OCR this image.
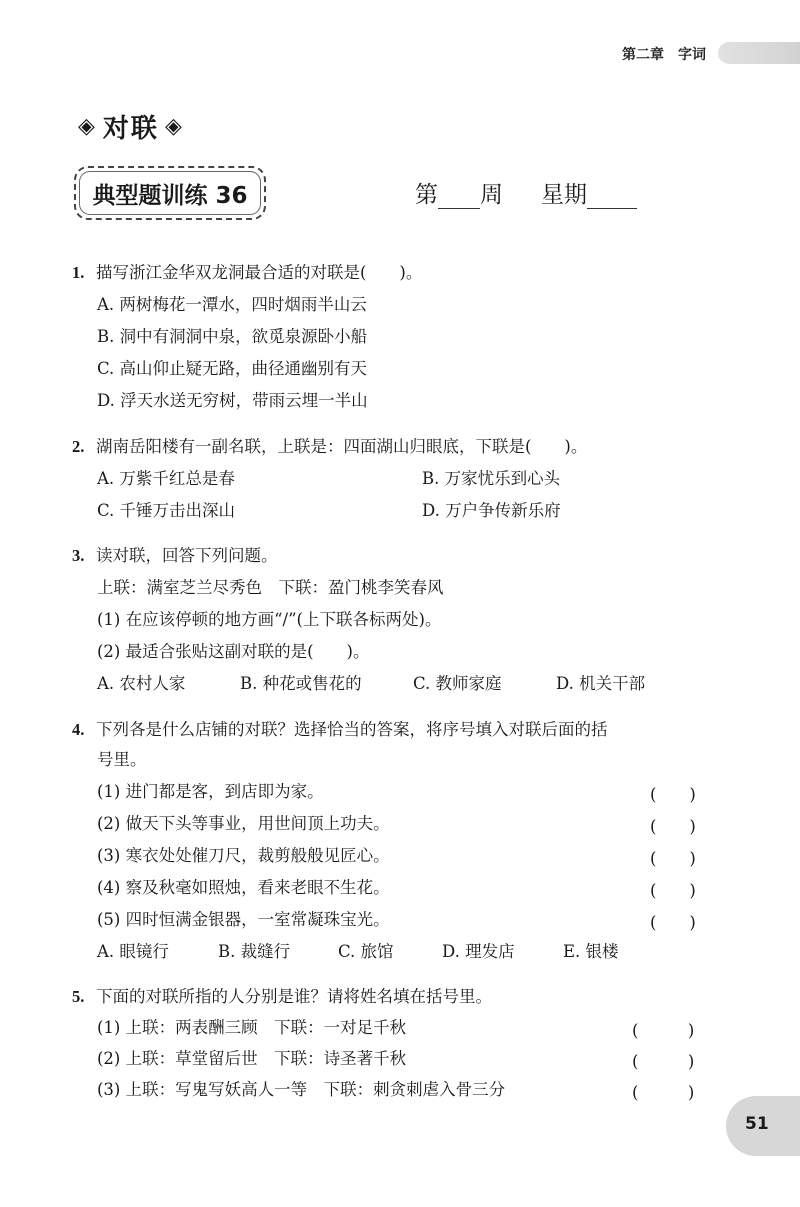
第二章　字词
◈ 对联 ◈
典型题训练 36	第 周 星期
1. 描写浙江金华双龙洞最合适的对联是(　　)。
A. 两树梅花一潭水，四时烟雨半山云
B. 洞中有洞洞中泉，欲觅泉源卧小船
C. 高山仰止疑无路，曲径通幽别有天
D. 浮天水送无穷树，带雨云埋一半山
2. 湖南岳阳楼有一副名联，上联是：四面湖山归眼底，下联是(　　)。
A. 万紫千红总是春	B. 万家忧乐到心头
C. 千锤万击出深山	D. 万户争传新乐府
3. 读对联，回答下列问题。
上联：满室芝兰尽秀色　下联：盈门桃李笑春风
(1) 在应该停顿的地方画“/”(上下联各标两处)。
(2) 最适合张贴这副对联的是(　　)。
A. 农村人家	B. 种花或售花的	C. 教师家庭	D. 机关干部
4. 下列各是什么店铺的对联？选择恰当的答案，将序号填入对联后面的括
号里。
(1) 进门都是客，到店即为家。	(　　)
(2) 做天下头等事业，用世间顶上功夫。	(　　)
(3) 寒衣处处催刀尺，裁剪般般见匠心。	(　　)
(4) 察及秋毫如照烛，看来老眼不生花。	(　　)
(5) 四时恒满金银器，一室常凝珠宝光。	(　　)
A. 眼镜行	B. 裁缝行	C. 旅馆	D. 理发店	E. 银楼
5. 下面的对联所指的人分别是谁？请将姓名填在括号里。
(1) 上联：两表酬三顾　下联：一对足千秋	(　　　)
(2) 上联：草堂留后世　下联：诗圣著千秋	(　　　)
(3) 上联：写鬼写妖高人一等　下联：刺贪刺虐入骨三分	(　　　)
51
